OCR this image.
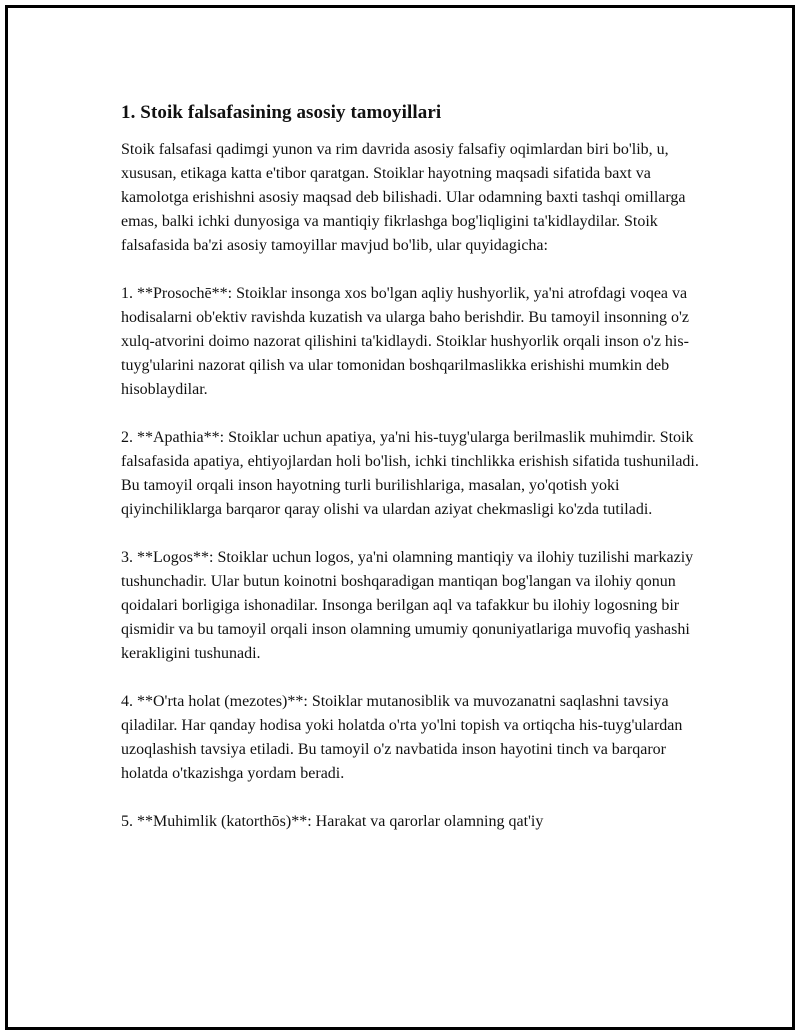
1. Stoik falsafasining asosiy tamoyillari

Stoik falsafasi qadimgi yunon va rim davrida asosiy falsafiy oqimlardan biri bo'lib, u, xususan, etikaga katta e'tibor qaratgan. Stoiklar hayotning maqsadi sifatida baxt va kamolotga erishishni asosiy maqsad deb bilishadi. Ular odamning baxti tashqi omillarga emas, balki ichki dunyosiga va mantiqiy fikrlashga bog'liqligini ta'kidlaydilar. Stoik falsafasida ba'zi asosiy tamoyillar mavjud bo'lib, ular quyidagicha:

1. **Prosochē**: Stoiklar insonga xos bo'lgan aqliy hushyorlik, ya'ni atrofdagi voqea va hodisalarni ob'ektiv ravishda kuzatish va ularga baho berishdir. Bu tamoyil insonning o'z xulq-atvorini doimo nazorat qilishini ta'kidlaydi. Stoiklar hushyorlik orqali inson o'z his-tuyg'ularini nazorat qilish va ular tomonidan boshqarilmaslikka erishishi mumkin deb hisoblaydilar.

2. **Apathia**: Stoiklar uchun apatiya, ya'ni his-tuyg'ularga berilmaslik muhimdir. Stoik falsafasida apatiya, ehtiyojlardan holi bo'lish, ichki tinchlikka erishish sifatida tushuniladi. Bu tamoyil orqali inson hayotning turli burilishlariga, masalan, yo'qotish yoki qiyinchiliklarga barqaror qaray olishi va ulardan aziyat chekmasligi ko'zda tutiladi.

3. **Logos**: Stoiklar uchun logos, ya'ni olamning mantiqiy va ilohiy tuzilishi markaziy tushunchadir. Ular butun koinotni boshqaradigan mantiqan bog'langan va ilohiy qonun qoidalari borligiga ishonadilar. Insonga berilgan aql va tafakkur bu ilohiy logosning bir qismidir va bu tamoyil orqali inson olamning umumiy qonuniyatlariga muvofiq yashashi kerakligini tushunadi.

4. **O'rta holat (mezotes)**: Stoiklar mutanosiblik va muvozanatni saqlashni tavsiya qiladilar. Har qanday hodisa yoki holatda o'rta yo'lni topish va ortiqcha his-tuyg'ulardan uzoqlashish tavsiya etiladi. Bu tamoyil o'z navbatida inson hayotini tinch va barqaror holatda o'tkazishga yordam beradi.

5. **Muhimlik (katorthōs)**: Harakat va qarorlar olamning qat'iy
